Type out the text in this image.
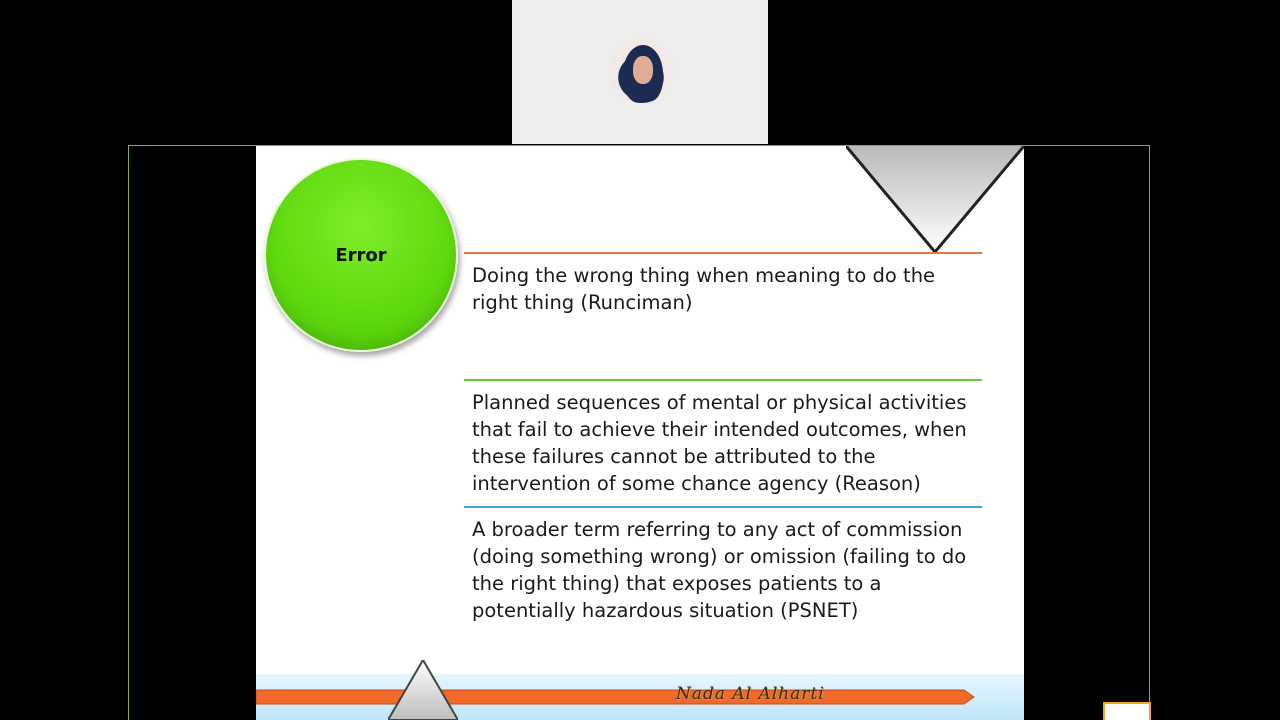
Error
Doing the wrong thing when meaning to do the right thing (Runciman)
Planned sequences of mental or physical activities that fail to achieve their intended outcomes, when these failures cannot be attributed to the intervention of some chance agency (Reason)
A broader term referring to any act of commission (doing something wrong) or omission (failing to do the right thing) that exposes patients to a potentially hazardous situation (PSNET)
Nada Al Alharti
